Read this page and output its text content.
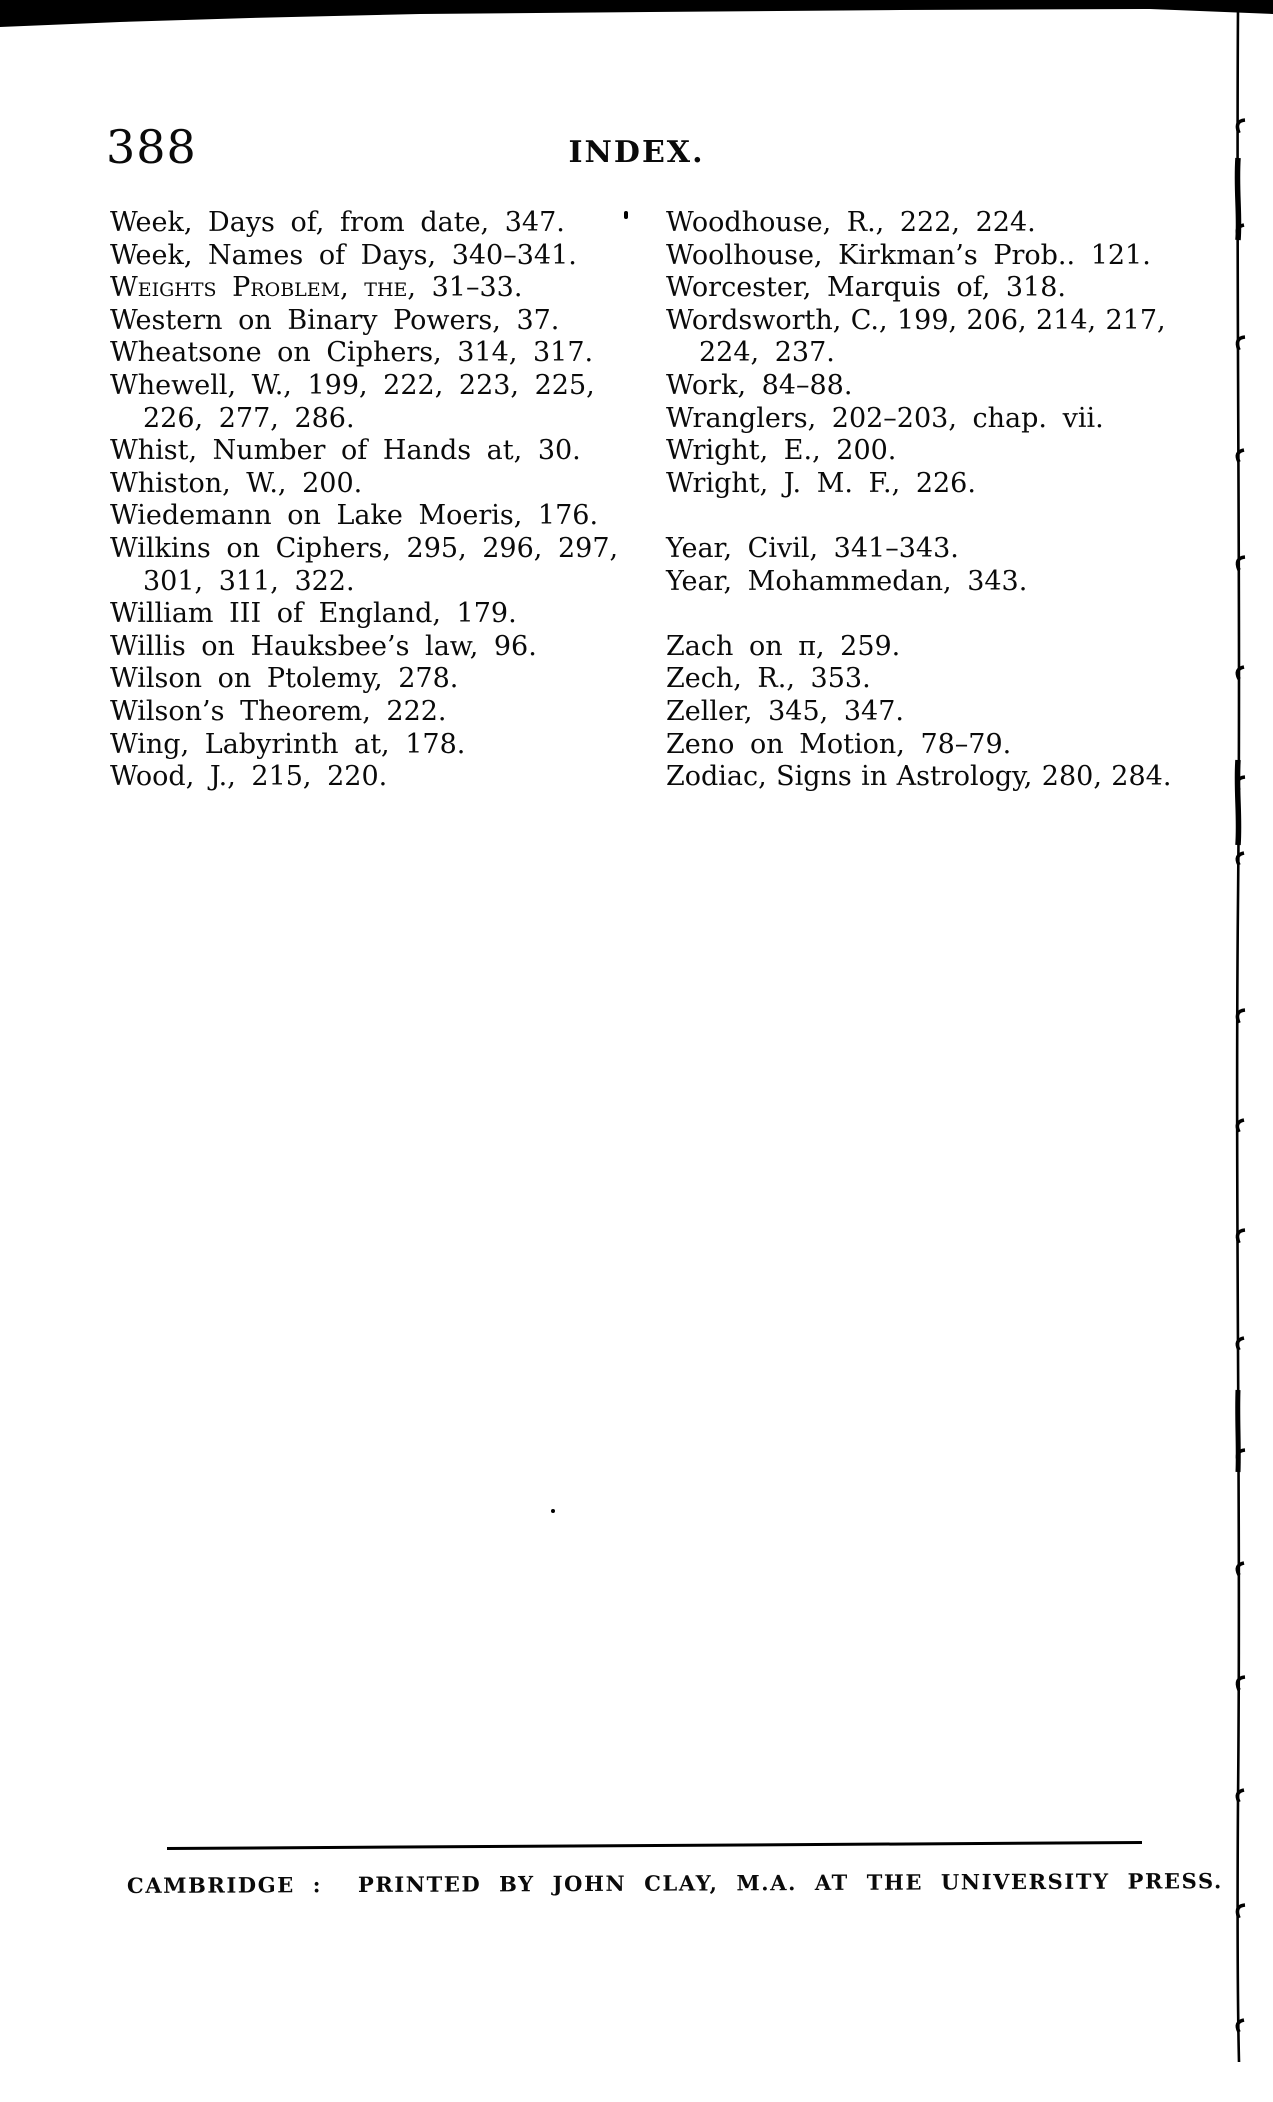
388	INDEX.
Week, Days of, from date, 347.
Week, Names of Days, 340–341.
Weights Problem, the, 31–33.
Western on Binary Powers, 37.
Wheatsone on Ciphers, 314, 317.
Whewell, W., 199, 222, 223, 225,
226, 277, 286.
Whist, Number of Hands at, 30.
Whiston, W., 200.
Wiedemann on Lake Moeris, 176.
Wilkins on Ciphers, 295, 296, 297,
301, 311, 322.
William III of England, 179.
Willis on Hauksbee’s law, 96.
Wilson on Ptolemy, 278.
Wilson’s Theorem, 222.
Wing, Labyrinth at, 178.
Wood, J., 215, 220.
Woodhouse, R., 222, 224.
Woolhouse, Kirkman’s Prob.. 121.
Worcester, Marquis of, 318.
Wordsworth, C., 199, 206, 214, 217,
224, 237.
Work, 84–88.
Wranglers, 202–203, chap. vii.
Wright, E., 200.
Wright, J. M. F., 226.
Year, Civil, 341–343.
Year, Mohammedan, 343.
Zach on π, 259.
Zech, R., 353.
Zeller, 345, 347.
Zeno on Motion, 78–79.
Zodiac, Signs in Astrology, 280, 284.
CAMBRIDGE :  PRINTED BY JOHN CLAY, M.A. AT THE UNIVERSITY PRESS.
